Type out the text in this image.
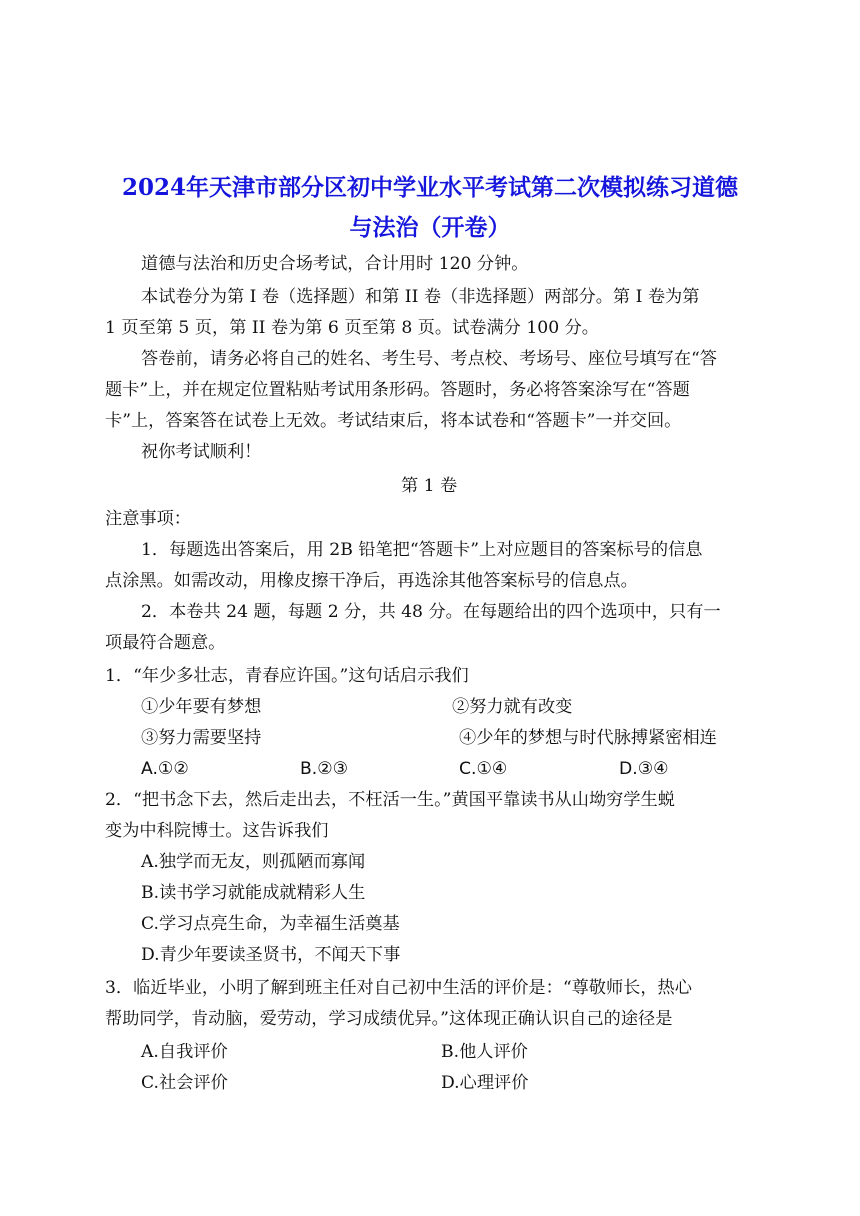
2024年天津市部分区初中学业水平考试第二次模拟练习道德
与法治（开卷）
道德与法治和历史合场考试，合计用时 120 分钟。
本试卷分为第 I 卷（选择题）和第 II 卷（非选择题）两部分。第 I 卷为第
1 页至第 5 页，第 II 卷为第 6 页至第 8 页。试卷满分 100 分。
答卷前，请务必将自己的姓名、考生号、考点校、考场号、座位号填写在“答
题卡”上，并在规定位置粘贴考试用条形码。答题时，务必将答案涂写在“答题
卡”上，答案答在试卷上无效。考试结束后，将本试卷和“答题卡”一并交回。
祝你考试顺利！
第 1 卷
注意事项：
1．每题选出答案后，用 2B 铅笔把“答题卡”上对应题目的答案标号的信息
点涂黑。如需改动，用橡皮擦干净后，再选涂其他答案标号的信息点。
2．本卷共 24 题，每题 2 分，共 48 分。在每题给出的四个选项中，只有一
项最符合题意。
1．“年少多壮志，青春应许国。”这句话启示我们
①少年要有梦想	②努力就有改变
③努力需要坚持	④少年的梦想与时代脉搏紧密相连
A.①②	B.②③	C.①④	D.③④
2．“把书念下去，然后走出去，不枉活一生。”黄国平靠读书从山坳穷学生蜕
变为中科院博士。这告诉我们
A.独学而无友，则孤陋而寡闻
B.读书学习就能成就精彩人生
C.学习点亮生命，为幸福生活奠基
D.青少年要读圣贤书，不闻天下事
3．临近毕业，小明了解到班主任对自己初中生活的评价是：“尊敬师长，热心
帮助同学，肯动脑，爱劳动，学习成绩优异。”这体现正确认识自己的途径是
A.自我评价	B.他人评价
C.社会评价	D.心理评价
